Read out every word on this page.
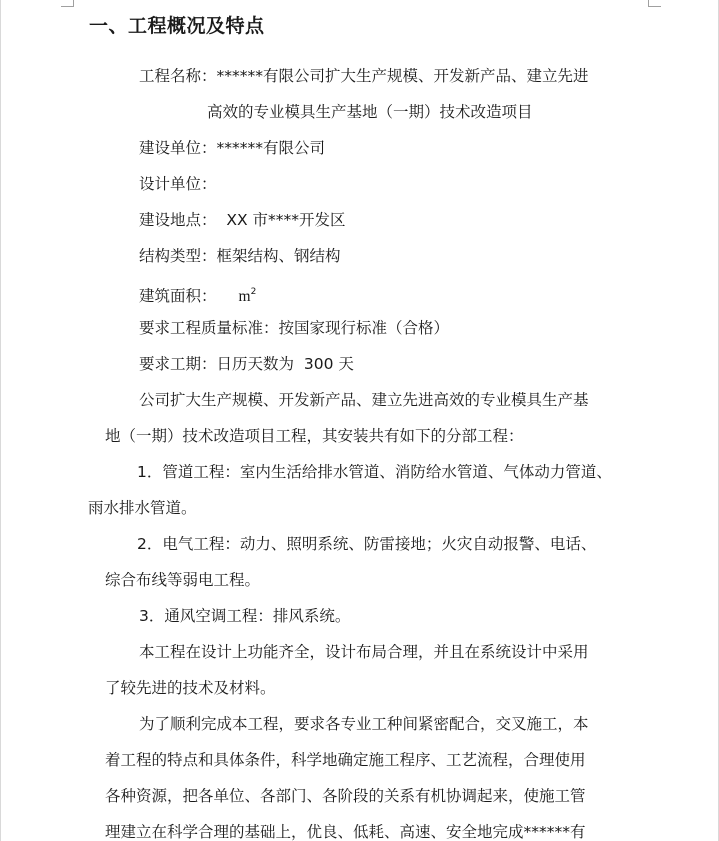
一、工程概况及特点
工程名称：******有限公司扩大生产规模、开发新产品、建立先进
高效的专业模具生产基地（一期）技术改造项目
建设单位：******有限公司
设计单位：
建设地点：  XX 市****开发区
结构类型：框架结构、钢结构
建筑面积： $m^2$
要求工程质量标准：按国家现行标准（合格）
要求工期：日历天数为  300 天
公司扩大生产规模、开发新产品、建立先进高效的专业模具生产基
地（一期）技术改造项目工程，其安装共有如下的分部工程：
1．管道工程：室内生活给排水管道、消防给水管道、气体动力管道、
雨水排水管道。
2．电气工程：动力、照明系统、防雷接地；火灾自动报警、电话、
综合布线等弱电工程。
3．通风空调工程：排风系统。
本工程在设计上功能齐全，设计布局合理，并且在系统设计中采用
了较先进的技术及材料。
为了顺利完成本工程，要求各专业工种间紧密配合，交叉施工，本
着工程的特点和具体条件，科学地确定施工程序、工艺流程，合理使用
各种资源，把各单位、各部门、各阶段的关系有机协调起来，使施工管
理建立在科学合理的基础上，优良、低耗、高速、安全地完成******有
